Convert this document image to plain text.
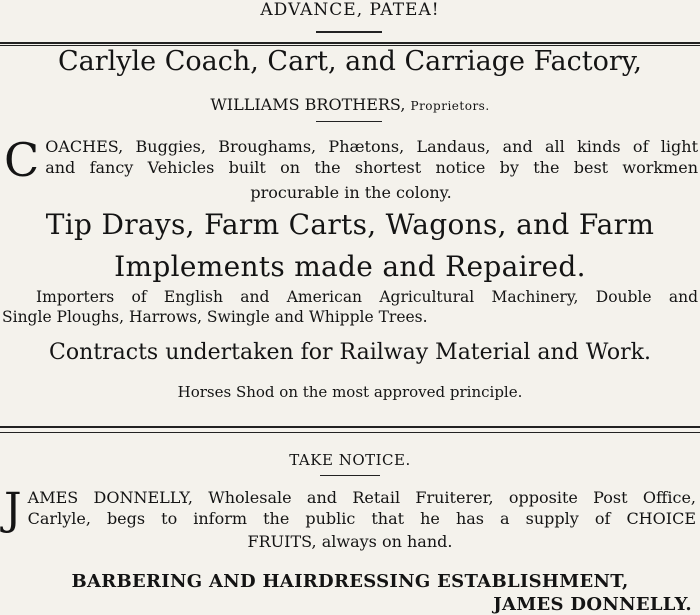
ADVANCE, PATEA!
Carlyle Coach, Cart, and Carriage Factory,
WILLIAMS BROTHERS, Proprietors.
C OACHES, Buggies, Broughams, Phætons, Landaus, and all kinds of light
and fancy Vehicles built on the shortest notice by the best workmen
procurable in the colony.
Tip Drays, Farm Carts, Wagons, and Farm
Implements made and Repaired.
Importers of English and American Agricultural Machinery, Double and
Single Ploughs, Harrows, Swingle and Whipple Trees.
Contracts undertaken for Railway Material and Work.
Horses Shod on the most approved principle.
TAKE NOTICE.
J AMES DONNELLY, Wholesale and Retail Fruiterer, opposite Post Office,
Carlyle, begs to inform the public that he has a supply of CHOICE
FRUITS, always on hand.
BARBERING AND HAIRDRESSING ESTABLISHMENT,
JAMES DONNELLY.
